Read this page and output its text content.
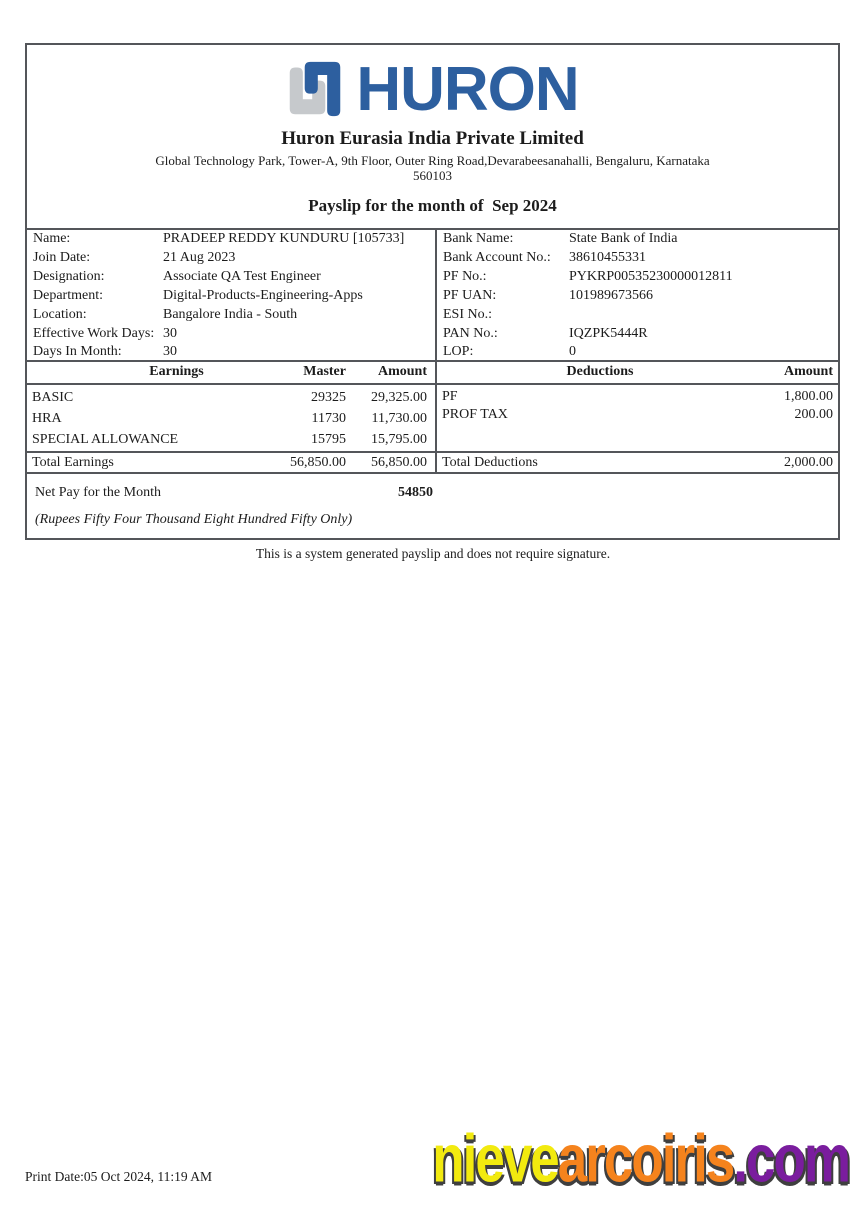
HURON
Huron Eurasia India Private Limited
Global Technology Park, Tower-A, 9th Floor, Outer Ring Road,Devarabeesanahalli, Bengaluru, Karnataka
560103
Payslip for the month of  Sep 2024
Name:	PRADEEP REDDY KUNDURU [105733]
Join Date:	21 Aug 2023
Designation:	Associate QA Test Engineer
Department:	Digital-Products-Engineering-Apps
Location:	Bangalore India - South
Effective Work Days: 30
Days In Month:	30
Bank Name:	State Bank of India
Bank Account No.:	38610455331
PF No.:	PYKRP00535230000012811
PF UAN:	101989673566
ESI No.:
PAN No.:	IQZPK5444R
LOP:	0
Earnings	Master	Amount
BASIC	29325	29,325.00
HRA	11730	11,730.00
SPECIAL ALLOWANCE	15795	15,795.00
Total Earnings	56,850.00	56,850.00
Deductions	Amount
PF	1,800.00
PROF TAX	200.00
Total Deductions	2,000.00
Net Pay for the Month	54850
(Rupees Fifty Four Thousand Eight Hundred Fifty Only)
This is a system generated payslip and does not require signature.
nievearcoiris.com
Print Date:05 Oct 2024, 11:19 AM
